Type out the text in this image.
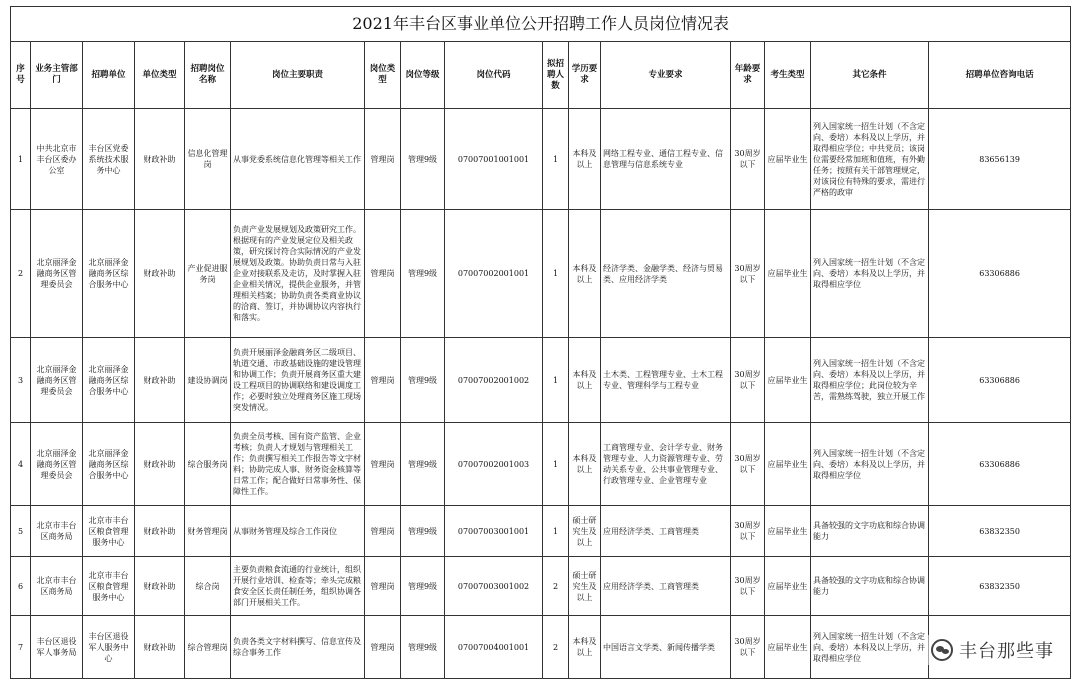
2021年丰台区事业单位公开招聘工作人员岗位情况表															
序号	业务主管部门	招聘单位	单位类型	招聘岗位名称	岗位主要职责	岗位类型	岗位等级	岗位代码	拟招聘人数	学历要求	专业要求	年龄要求	考生类型	其它条件	招聘单位咨询电话
1	中共北京市丰台区委办公室	丰台区党委系统技术服务中心	财政补助	信息化管理岗	从事党委系统信息化管理等相关工作	管理岗	管理9级	07007001001001	1	本科及以上	网络工程专业、通信工程专业、信息管理与信息系统专业	30周岁以下	应届毕业生	列入国家统一招生计划（不含定向、委培）本科及以上学历，并取得相应学位；中共党员；该岗位需要经常加班和值班，有外勤任务；按照有关干部管理规定，对该岗位有特殊的要求，需进行严格的政审	83656139
2	北京丽泽金融商务区管理委员会	北京丽泽金融商务区综合服务中心	财政补助	产业促进服务岗	负责产业发展规划及政策研究工作。根据现有的产业发展定位及相关政策，研究探讨符合实际情况的产业发展规划及政策。协助负责日常与入驻企业对接联系及走访，及时掌握入驻企业相关情况，提供企业服务，并管理相关档案；协助负责各类商业协议的洽商、签订，并协调协议内容执行和落实。	管理岗	管理9级	07007002001001	1	本科及以上	经济学类、金融学类、经济与贸易类、应用经济学类	30周岁以下	应届毕业生	列入国家统一招生计划（不含定向、委培）本科及以上学历，并取得相应学位	63306886
3	北京丽泽金融商务区管理委员会	北京丽泽金融商务区综合服务中心	财政补助	建设协调岗	负责开展丽泽金融商务区二级项目、轨道交通、市政基础设施的建设管理和协调工作；负责开展商务区重大建设工程项目的协调联络和建设调度工作；必要时独立处理商务区施工现场突发情况。	管理岗	管理9级	07007002001002	1	本科及以上	土木类、工程管理专业、土木工程专业、管理科学与工程专业	30周岁以下	应届毕业生	列入国家统一招生计划（不含定向、委培）本科及以上学历，并取得相应学位；此岗位较为辛苦，需熟练驾驶，独立开展工作	63306886
4	北京丽泽金融商务区管理委员会	北京丽泽金融商务区综合服务中心	财政补助	综合服务岗	负责全员考核、国有资产监管、企业考核；负责人才规划与管理相关工作；负责撰写相关工作报告等文字材料；协助完成人事、财务资金核算等日常工作；配合做好日常事务性、保障性工作。	管理岗	管理9级	07007002001003	1	本科及以上	工商管理专业、会计学专业、财务管理专业、人力资源管理专业、劳动关系专业、公共事业管理专业、行政管理专业、企业管理专业	30周岁以下	应届毕业生	列入国家统一招生计划（不含定向、委培）本科及以上学历，并取得相应学位	63306886
5	北京市丰台区商务局	北京市丰台区粮食管理服务中心	财政补助	财务管理岗	从事财务管理及综合工作岗位	管理岗	管理9级	07007003001001	1	硕士研究生及以上	应用经济学类、工商管理类	30周岁以下	应届毕业生	具备较强的文字功底和综合协调能力	63832350
6	北京市丰台区商务局	北京市丰台区粮食管理服务中心	财政补助	综合岗	主要负责粮食流通的行业统计，组织开展行业培训、检查等；牵头完成粮食安全区长责任制任务，组织协调各部门开展相关工作。	管理岗	管理9级	07007003001002	2	硕士研究生及以上	应用经济学类、工商管理类	30周岁以下	应届毕业生	具备较强的文字功底和综合协调能力	63832350
7	丰台区退役军人事务局	丰台区退役军人服务中心	财政补助	综合管理岗	负责各类文字材料撰写、信息宣传及综合事务工作	管理岗	管理9级	07007004001001	2	本科及以上	中国语言文学类、新闻传播学类	30周岁以下	应届毕业生	列入国家统一招生计划（不含定向、委培）本科及以上学历，并取得相应学位		丰台那些事
